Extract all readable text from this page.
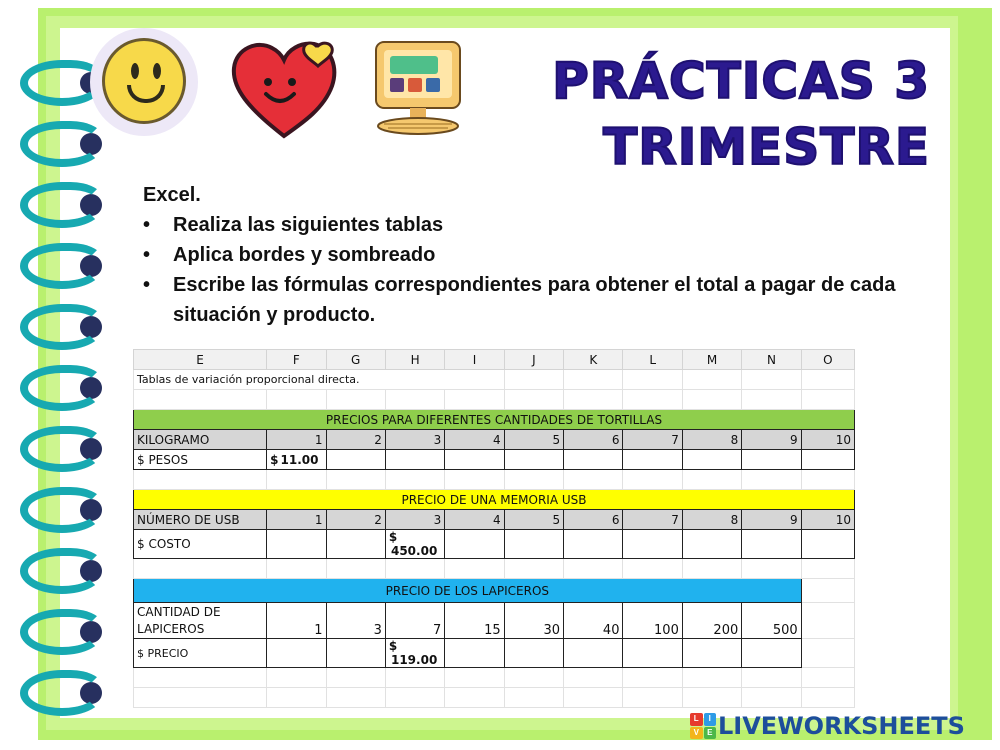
PRÁCTICAS 3
TRIMESTRE
Excel.
• Realiza las siguientes tablas
• Aplica bordes y sombreado
• Escribe las fórmulas correspondientes para obtener el total a pagar de cada situación y producto.
E	F	G	H	I	J	K	L	M	N	O
Tablas de variación proporcional directa.										

PRECIOS PARA DIFERENTES CANTIDADES DE TORTILLAS										
KILOGRAMO	1	2	3	4	5	6	7	8	9	10
$ PESOS	$ 11.00									

PRECIO DE UNA MEMORIA USB										
NÚMERO DE USB	1	2	3	4	5	6	7	8	9	10
$ COSTO			$
450.00							

PRECIO DE LOS LAPICEROS										

CANTIDAD DE
LAPICEROS	1	3	7	15	30	40	100	200	500	
$ PRECIO			$
119.00							

L	I
V	E LIVEWORKSHEETS
